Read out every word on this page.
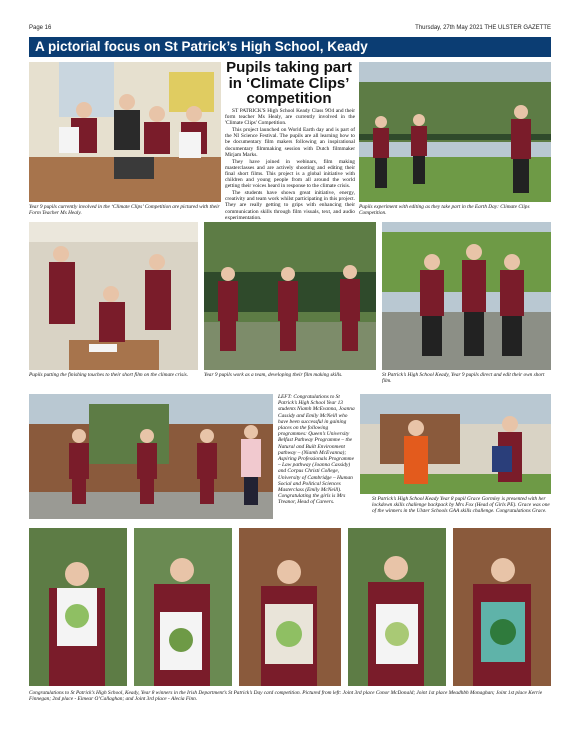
Page 16	Thursday, 27th May 2021 THE ULSTER GAZETTE
A pictorial focus on St Patrick’s High School, Keady
Year 9 pupils currently involved in the ‘Climate Clips’ Competition are pictured with their Form Teacher Ms Healy.
Pupils taking part in ‘Climate Clips’ competition

ST PATRICK'S High School Keady Class 9O4 and their form teacher Ms Healy, are currently involved in the 'Climate Clips' Competition.

This project launched on World Earth day and is part of the NI Science Festival. The pupils are all learning how to be documentary film makers following an inspirational documentary filmmaking session with Dutch filmmaker Mirjam Marks.

They have joined in webinars, film making masterclasses and are actively shooting and editing their final short films. This project is a global initiative with children and young people from all around the world getting their voices heard in response to the climate crisis.

The students have shown great initiative, energy, creativity and team work whilst participating in this project. They are really getting to grips with enhancing their communication skills through film visuals, text, and audio experimentation.

Pupils experiment with editing as they take part in the Earth Day: Climate Clips Competition.
Pupils putting the finishing touches to their short film on the climate crisis.	Year 9 pupils work as a team, developing their film making skills.	St Patrick’s High School Keady, Year 9 pupils direct and edit their own short film.
LEFT: Congratulations to St Patrick’s High School Year 13 students Niamh McEvanna, Joanna Cassidy and Emily McNeill who have been successful in gaining places on the following programmes: Queen’s University Belfast Pathway Programme – the Natural and Built Environment pathway – (Niamh McEvanna); Aspiring Professionals Programme – Law pathway (Joanna Cassidy) and Corpus Christi College, University of Cambridge – Human Social and Political Sciences Masterclass (Emily McNeill). Congratulating the girls is Mrs Treanor, Head of Careers.
St Patrick’s High School Keady Year 8 pupil Grace Gormley is presented with her lockdown skills challenge backpack by Mrs Fox (Head of Girls PE). Grace was one of the winners in the Ulster Schools GAA skills challenge. Congratulations Grace.
Congratulations to St Patrick’s High School, Keady, Year 8 winners in the Irish Department’s St Patrick’s Day card competition. Pictured from left: Joint 3rd place Conor McDonald; Joint 1st place Meadhbh Monaghan; Joint 1st place Kerrie Finnegan; 2nd place - Eimear O’Callaghan; and Joint 3rd place - Alecia Finn.
